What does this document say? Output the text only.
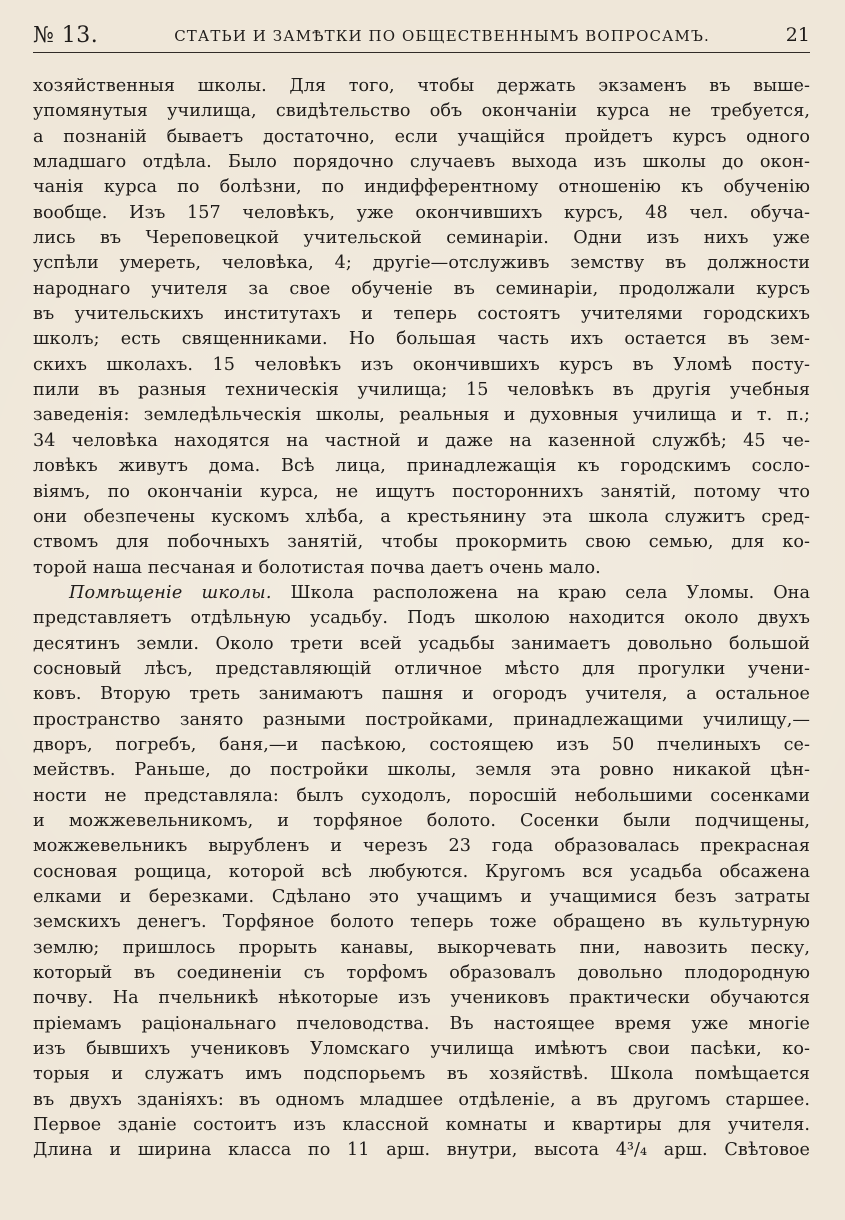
№ 13.	СТАТЬИ И ЗАМѢТКИ ПО ОБЩЕСТВЕННЫМЪ ВОПРОСАМЪ.	21
хозяйственныя школы. Для того, чтобы держать экзаменъ въ выше-
упомянутыя училища, свидѣтельство объ окончаніи курса не требуется,
а познаній бываетъ достаточно, если учащійся пройдетъ курсъ одного
младшаго отдѣла. Было порядочно случаевъ выхода изъ школы до окон-
чанія курса по болѣзни, по индифферентному отношенію къ обученію
вообще. Изъ 157 человѣкъ, уже окончившихъ курсъ, 48 чел. обуча-
лись въ Череповецкой учительской семинаріи. Одни изъ нихъ уже
успѣли умереть, человѣка, 4; другіе—отслуживъ земству въ должности
народнаго учителя за свое обученіе въ семинаріи, продолжали курсъ
въ учительскихъ институтахъ и теперь состоятъ учителями городскихъ
школъ; есть священниками. Но большая часть ихъ остается въ зем-
скихъ школахъ. 15 человѣкъ изъ окончившихъ курсъ въ Уломѣ посту-
пили въ разныя техническія училища; 15 человѣкъ въ другія учебныя
заведенія: земледѣльческія школы, реальныя и духовныя училища и т. п.;
34 человѣка находятся на частной и даже на казенной службѣ; 45 че-
ловѣкъ живутъ дома. Всѣ лица, принадлежащія къ городскимъ сосло-
віямъ, по окончаніи курса, не ищутъ постороннихъ занятій, потому что
они обезпечены кускомъ хлѣба, а крестьянину эта школа служитъ сред-
ствомъ для побочныхъ занятій, чтобы прокормить свою семью, для ко-
торой наша песчаная и болотистая почва даетъ очень мало.
Помѣщеніе школы. Школа расположена на краю села Уломы. Она
представляетъ отдѣльную усадьбу. Подъ школою находится около двухъ
десятинъ земли. Около трети всей усадьбы занимаетъ довольно большой
сосновый лѣсъ, представляющій отличное мѣсто для прогулки учени-
ковъ. Вторую треть занимаютъ пашня и огородъ учителя, а остальное
пространство занято разными постройками, принадлежащими училищу,—
дворъ, погребъ, баня,—и пасѣкою, состоящею изъ 50 пчелиныхъ се-
мействъ. Раньше, до постройки школы, земля эта ровно никакой цѣн-
ности не представляла: былъ суходолъ, поросшій небольшими сосенками
и можжевельникомъ, и торфяное болото. Сосенки были подчищены,
можжевельникъ вырубленъ и черезъ 23 года образовалась прекрасная
сосновая рощица, которой всѣ любуются. Кругомъ вся усадьба обсажена
елками и березками. Сдѣлано это учащимъ и учащимися безъ затраты
земскихъ денегъ. Торфяное болото теперь тоже обращено въ культурную
землю; пришлось прорыть канавы, выкорчевать пни, навозить песку,
который въ соединеніи съ торфомъ образовалъ довольно плодородную
почву. На пчельникѣ нѣкоторые изъ учениковъ практически обучаются
пріемамъ раціональнаго пчеловодства. Въ настоящее время уже многіе
изъ бывшихъ учениковъ Уломскаго училища имѣютъ свои пасѣки, ко-
торыя и служатъ имъ подспорьемъ въ хозяйствѣ. Школа помѣщается
въ двухъ зданіяхъ: въ одномъ младшее отдѣленіе, а въ другомъ старшее.
Первое зданіе состоитъ изъ классной комнаты и квартиры для учителя.
Длина и ширина класса по 11 арш. внутри, высота 4³/₄ арш. Свѣтовое
